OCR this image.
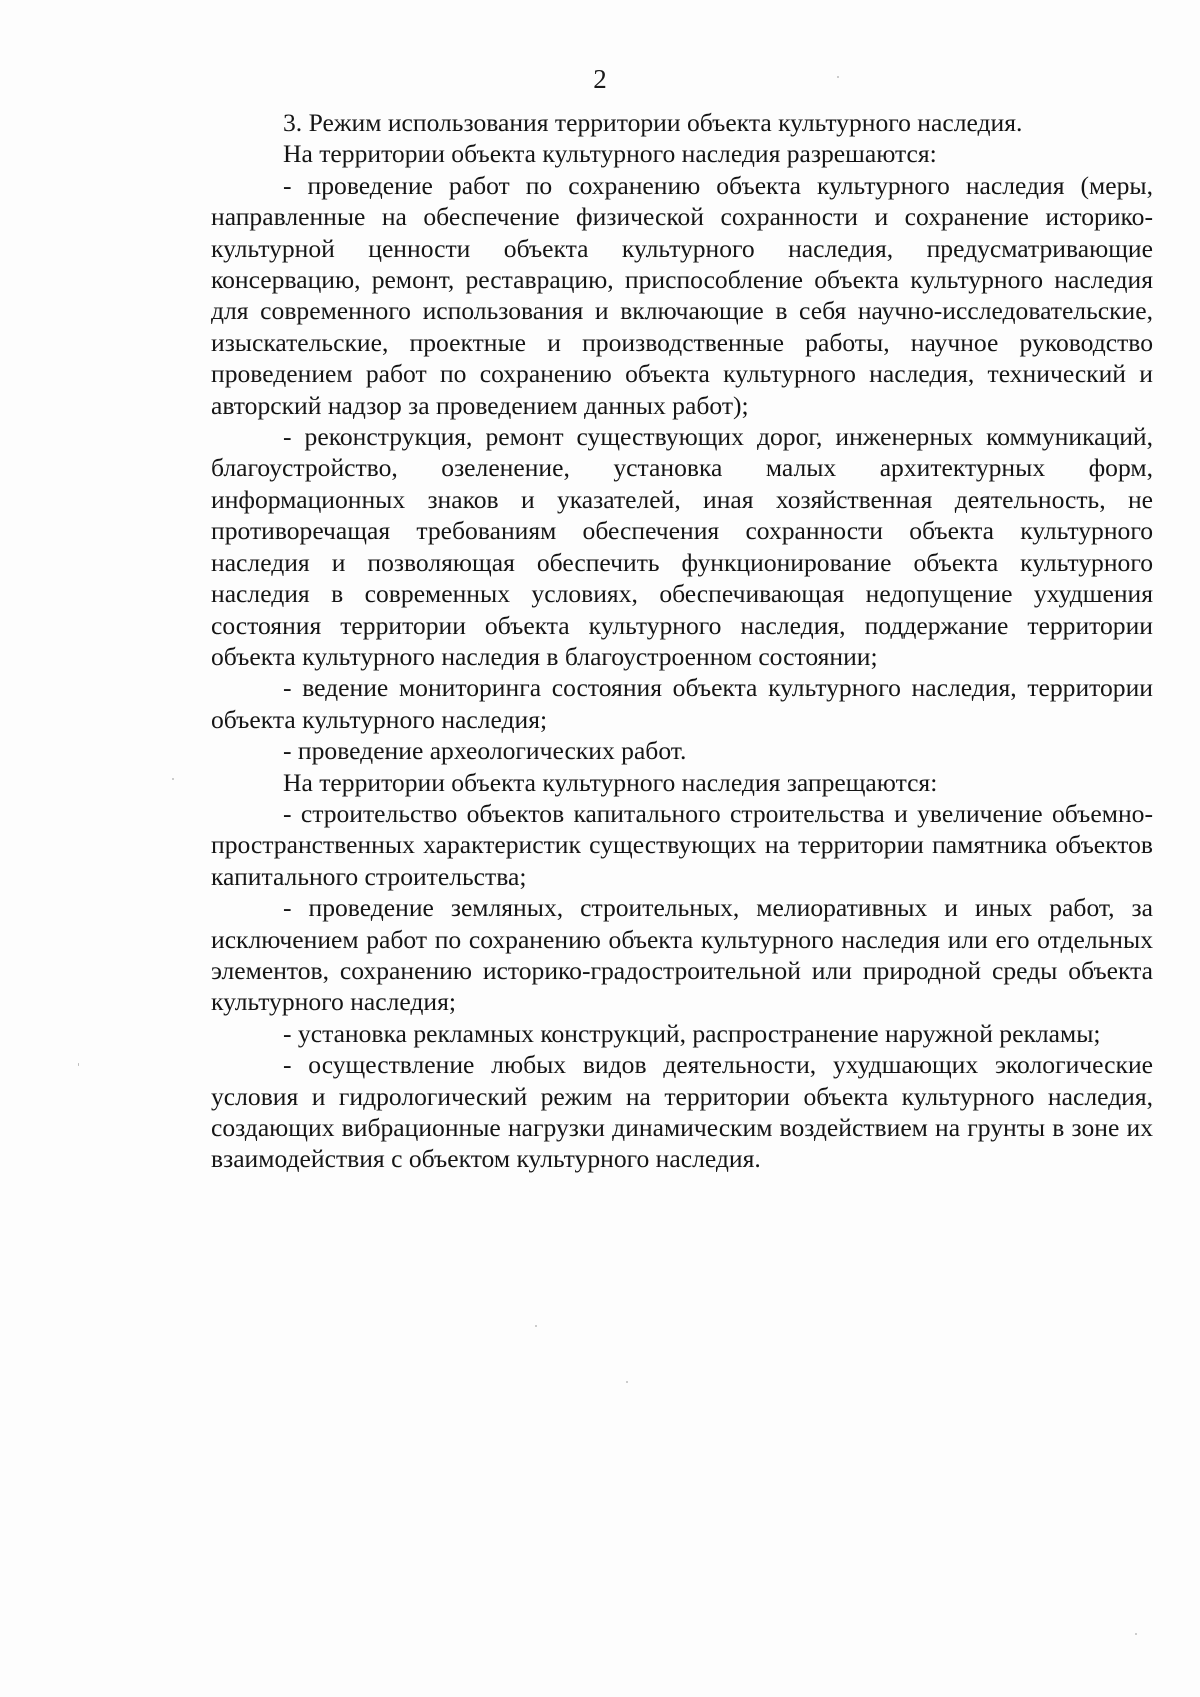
2

3. Режим использования территории объекта культурного наследия.

На территории объекта культурного наследия разрешаются:

- проведение работ по сохранению объекта культурного наследия (меры, направленные на обеспечение физической сохранности и сохранение историко-культурной ценности объекта культурного наследия, предусматривающие консервацию, ремонт, реставрацию, приспособление объекта культурного наследия для современного использования и включающие в себя научно-исследовательские, изыскательские, проектные и производственные работы, научное руководство проведением работ по сохранению объекта культурного наследия, технический и авторский надзор за проведением данных работ);

- реконструкция, ремонт существующих дорог, инженерных коммуникаций, благоустройство, озеленение, установка малых архитектурных форм, информационных знаков и указателей, иная хозяйственная деятельность, не противоречащая требованиям обеспечения сохранности объекта культурного наследия и позволяющая обеспечить функционирование объекта культурного наследия в современных условиях, обеспечивающая недопущение ухудшения состояния территории объекта культурного наследия, поддержание территории объекта культурного наследия в благоустроенном состоянии;

- ведение мониторинга состояния объекта культурного наследия, территории объекта культурного наследия;

- проведение археологических работ.

На территории объекта культурного наследия запрещаются:

- строительство объектов капитального строительства и увеличение объемно-пространственных характеристик существующих на территории памятника объектов капитального строительства;

- проведение земляных, строительных, мелиоративных и иных работ, за исключением работ по сохранению объекта культурного наследия или его отдельных элементов, сохранению историко-градостроительной или природной среды объекта культурного наследия;

- установка рекламных конструкций, распространение наружной рекламы;

- осуществление любых видов деятельности, ухудшающих экологические условия и гидрологический режим на территории объекта культурного наследия, создающих вибрационные нагрузки динамическим воздействием на грунты в зоне их взаимодействия с объектом культурного наследия.
